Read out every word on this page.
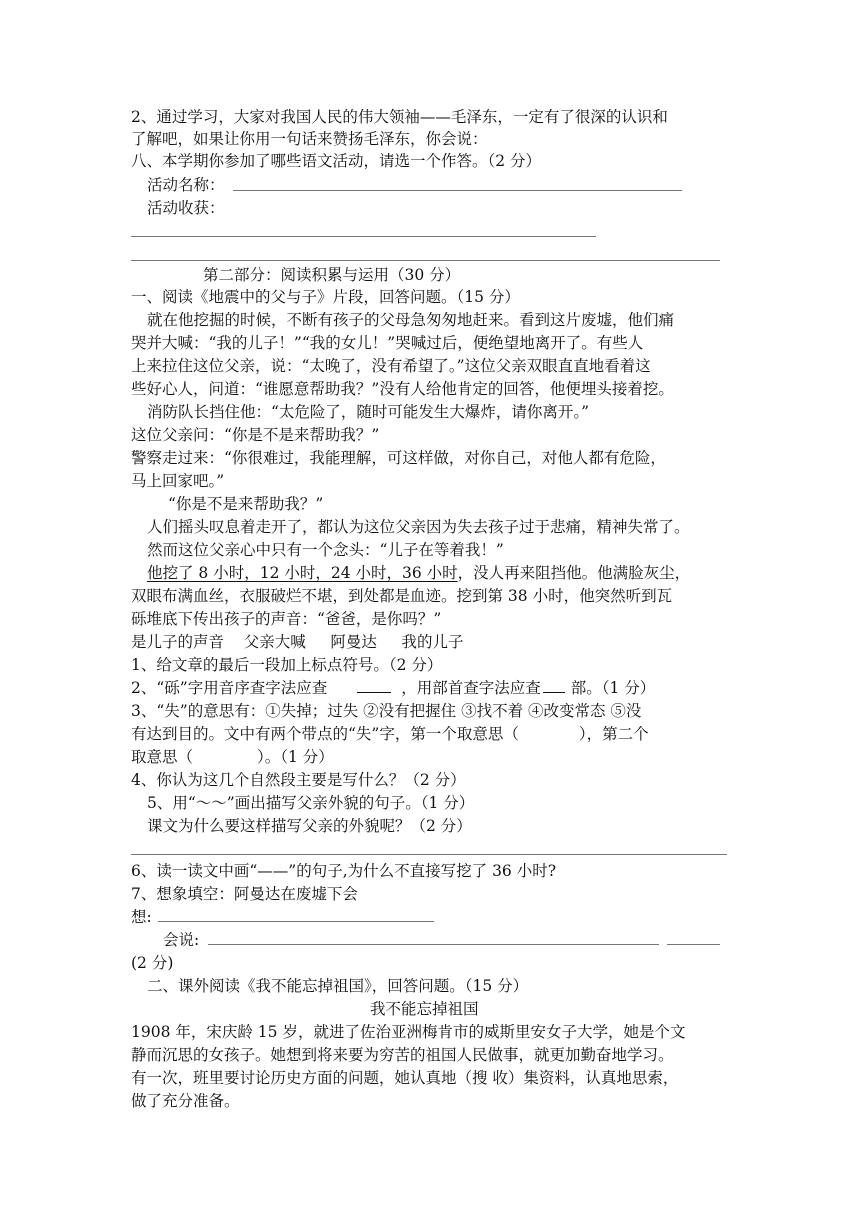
2、通过学习，大家对我国人民的伟大领袖——毛泽东，一定有了很深的认识和
了解吧，如果让你用一句话来赞扬毛泽东，你会说：
八、本学期你参加了哪些语文活动，请选一个作答。（2 分）
活动名称：
活动收获：
第二部分：阅读积累与运用（30 分）
一、阅读《地震中的父与子》片段，回答问题。（15 分）
就在他挖掘的时候，不断有孩子的父母急匆匆地赶来。看到这片废墟，他们痛
哭并大喊：“我的儿子！”“我的女儿！”哭喊过后，便绝望地离开了。有些人
上来拉住这位父亲，说：“太晚了，没有希望了。”这位父亲双眼直直地看着这
些好心人，问道：“谁愿意帮助我？”没有人给他肯定的回答，他便埋头接着挖。
消防队长挡住他：“太危险了，随时可能发生大爆炸，请你离开。”
这位父亲问：“你是不是来帮助我？”
警察走过来：“你很难过，我能理解，可这样做，对你自己，对他人都有危险，
马上回家吧。”
“你是不是来帮助我？”
人们摇头叹息着走开了，都认为这位父亲因为失去孩子过于悲痛，精神失常了。
然而这位父亲心中只有一个念头：“儿子在等着我！”
他挖了 8 小时，12 小时，24 小时，36 小时，没人再来阻挡他。他满脸灰尘，
双眼布满血丝，衣服破烂不堪，到处都是血迹。挖到第 38 小时，他突然听到瓦
砾堆底下传出孩子的声音：“爸爸，是你吗？”
是儿子的声音    父亲大喊     阿曼达     我的儿子
1、给文章的最后一段加上标点符号。（2 分）
2、“砾”字用音序查字法应查	，用部首查字法应查 部。（1 分）
3、“失”的意思有：①失掉；过失 ②没有把握住 ③找不着 ④改变常态 ⑤没
有达到目的。文中有两个带点的“失”字，第一个取意思（	），第二个
取意思（	）。（1 分）
4、你认为这几个自然段主要是写什么？（2 分）
5、用“～～”画出描写父亲外貌的句子。（1 分）
课文为什么要这样描写父亲的外貌呢？（2 分）
6、读一读文中画“——”的句子,为什么不直接写挖了 36 小时?
7、想象填空：阿曼达在废墟下会
想:
会说:
(2 分)
二、课外阅读《我不能忘掉祖国》，回答问题。（15 分）
我不能忘掉祖国
1908 年，宋庆龄 15 岁，就进了佐治亚洲梅肯市的威斯里安女子大学，她是个文
静而沉思的女孩子。她想到将来要为穷苦的祖国人民做事，就更加勤奋地学习。
有一次，班里要讨论历史方面的问题，她认真地（搜 收）集资料，认真地思索，
做了充分准备。
